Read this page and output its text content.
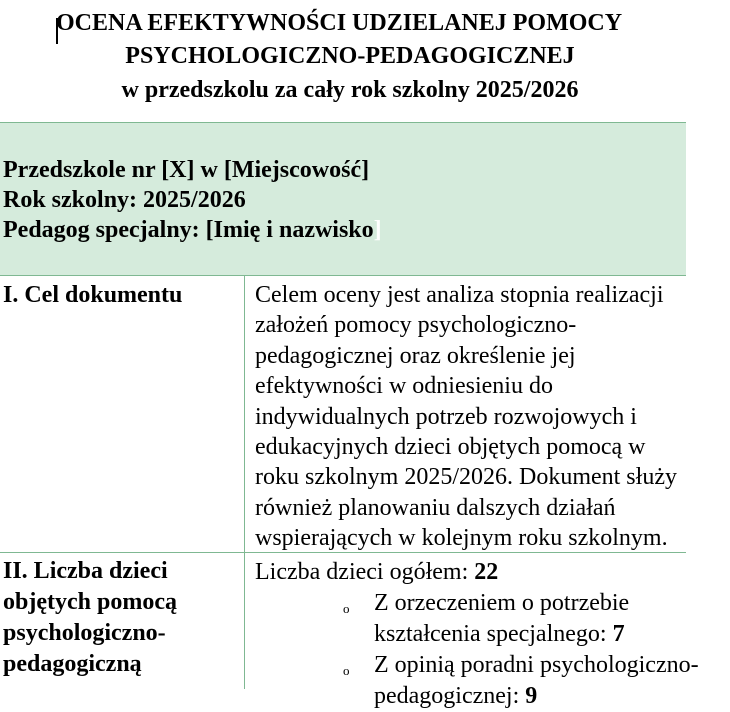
OCENA EFEKTYWNOŚCI UDZIELANEJ POMOCY
PSYCHOLOGICZNO-PEDAGOGICZNEJ
w przedszkolu za cały rok szkolny 2025/2026
Przedszkole nr [X] w [Miejscowość]
Rok szkolny: 2025/2026
Pedagog specjalny: [Imię i nazwisko]
I. Cel dokumentu	Celem oceny jest analiza stopnia realizacji
założeń pomocy psychologiczno-
pedagogicznej oraz określenie jej
efektywności w odniesieniu do
indywidualnych potrzeb rozwojowych i
edukacyjnych dzieci objętych pomocą w
roku szkolnym 2025/2026. Dokument służy
również planowaniu dalszych działań
wspierających w kolejnym roku szkolnym.
II. Liczba dzieci
objętych pomocą
psychologiczno-
pedagogiczną
Liczba dzieci ogółem: 22
o Z orzeczeniem o potrzebie
kształcenia specjalnego: 7
o Z opinią poradni psychologiczno-
pedagogicznej: 9
